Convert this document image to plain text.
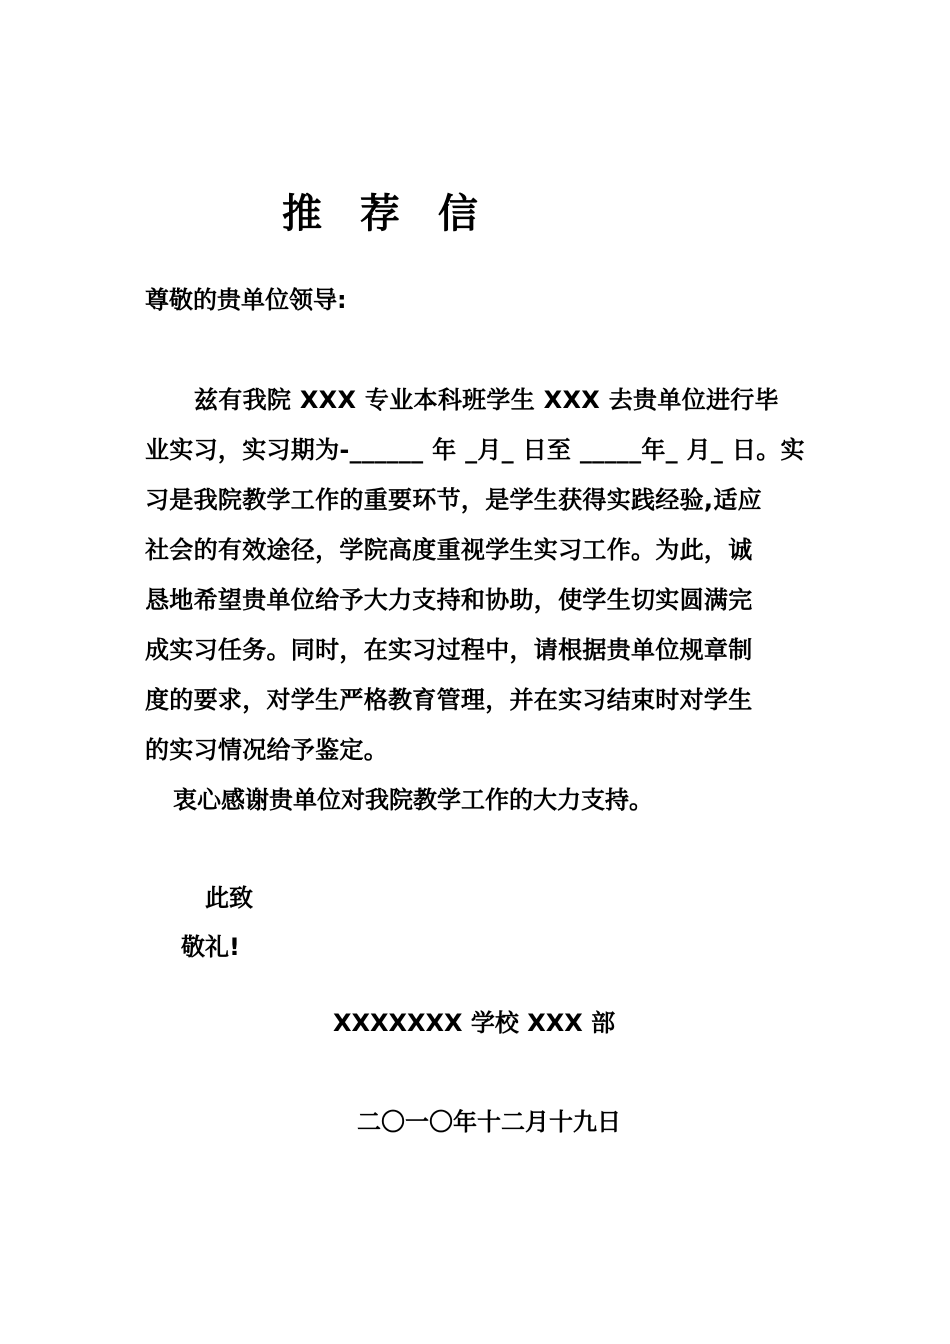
推 荐 信
尊敬的贵单位领导:
兹有我院 XXX 专业本科班学生 XXX 去贵单位进行毕
业实习，实习期为-______ 年 _月_ 日至 _____年_ 月_ 日。实
习是我院教学工作的重要环节，是学生获得实践经验,适应
社会的有效途径，学院高度重视学生实习工作。为此，诚
恳地希望贵单位给予大力支持和协助，使学生切实圆满完
成实习任务。同时，在实习过程中，请根据贵单位规章制
度的要求，对学生严格教育管理，并在实习结束时对学生
的实习情况给予鉴定。
衷心感谢贵单位对我院教学工作的大力支持。
此致
敬礼!
XXXXXXX 学校 XXX 部
二〇一〇年十二月十九日
